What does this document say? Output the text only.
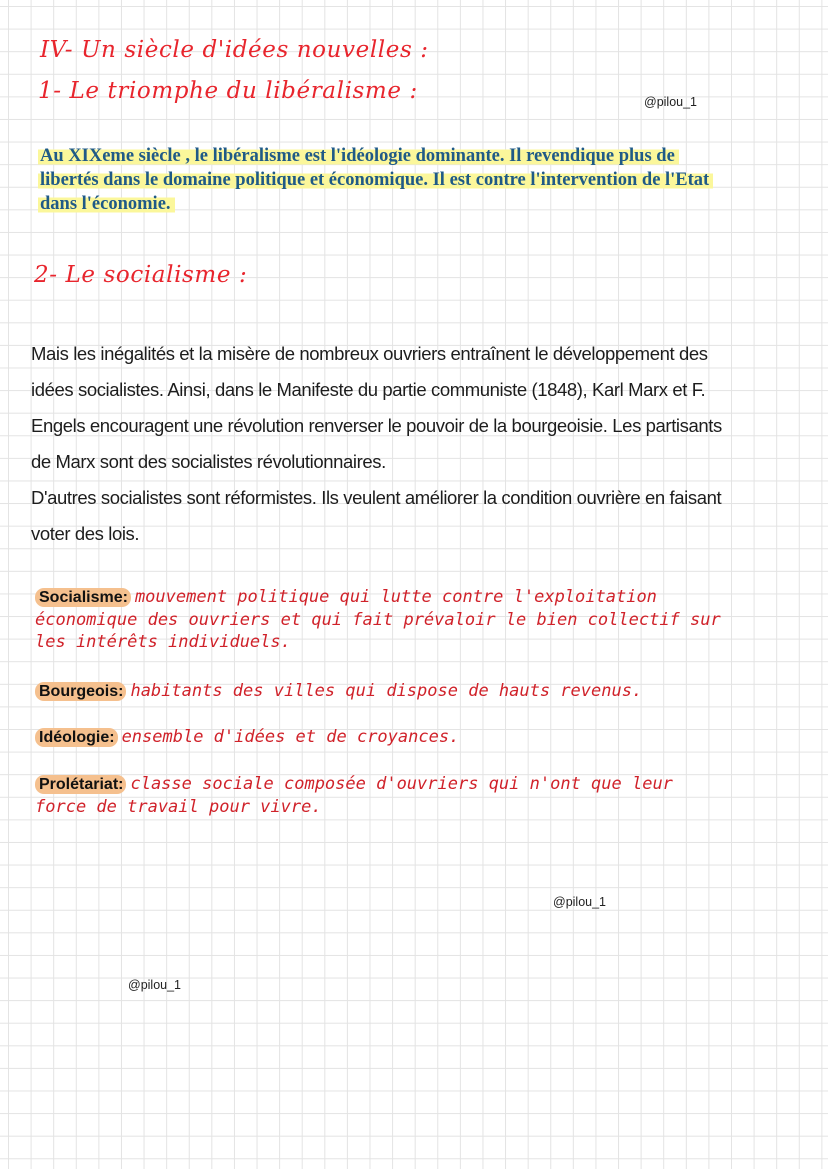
IV- Un siècle d'idées nouvelles :
1- Le triomphe du libéralisme :	@pilou_1
Au XIXeme siècle , le libéralisme est l'idéologie dominante. Il revendique plus de
libertés dans le domaine politique et économique. Il est contre l'intervention de l'Etat
dans l'économie.
2- Le socialisme :
Mais les inégalités et la misère de nombreux ouvriers entraînent le développement des
idées socialistes. Ainsi, dans le Manifeste du partie communiste (1848), Karl Marx et F.
Engels encouragent une révolution renverser le pouvoir de la bourgeoisie. Les partisants
de Marx sont des socialistes révolutionnaires.
D'autres socialistes sont réformistes. Ils veulent améliorer la condition ouvrière en faisant
voter des lois.
Socialisme: mouvement politique qui lutte contre l'exploitation
économique des ouvriers et qui fait prévaloir le bien collectif sur
les intérêts individuels.
Bourgeois: habitants des villes qui dispose de hauts revenus.
Idéologie: ensemble d'idées et de croyances.
Prolétariat: classe sociale composée d'ouvriers qui n'ont que leur
force de travail pour vivre.
@pilou_1
@pilou_1
